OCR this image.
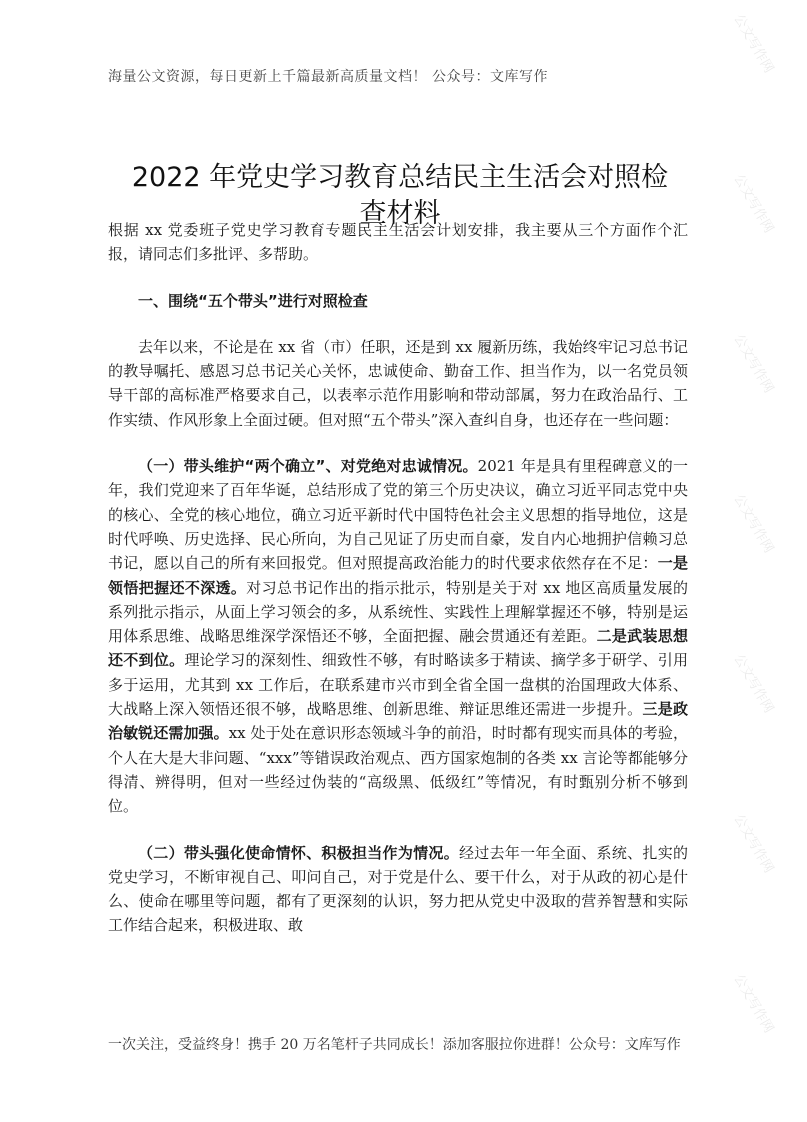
公文写作网
公文写作网
公文写作网
公文写作网
公文写作网
公文写作网
公文写作网
海量公文资源，每日更新上千篇最新高质量文档！ 公众号：文库写作
2022 年党史学习教育总结民主生活会对照检
查材料

根据 xx 党委班子党史学习教育专题民主生活会计划安排，我主要从三个方面作个汇报，请同志们多批评、多帮助。

一、围绕“五个带头”进行对照检查

去年以来，不论是在 xx 省（市）任职，还是到 xx 履新历练，我始终牢记习总书记的教导嘱托、感恩习总书记关心关怀，忠诚使命、勤奋工作、担当作为，以一名党员领导干部的高标准严格要求自己，以表率示范作用影响和带动部属，努力在政治品行、工作实绩、作风形象上全面过硬。但对照“五个带头”深入查纠自身，也还存在一些问题：

（一）带头维护“两个确立”、对党绝对忠诚情况。2021 年是具有里程碑意义的一年，我们党迎来了百年华诞，总结形成了党的第三个历史决议，确立习近平同志党中央的核心、全党的核心地位，确立习近平新时代中国特色社会主义思想的指导地位，这是时代呼唤、历史选择、民心所向，为自己见证了历史而自豪，发自内心地拥护信赖习总书记，愿以自己的所有来回报党。但对照提高政治能力的时代要求依然存在不足：一是领悟把握还不深透。对习总书记作出的指示批示，特别是关于对 xx 地区高质量发展的系列批示指示，从面上学习领会的多，从系统性、实践性上理解掌握还不够，特别是运用体系思维、战略思维深学深悟还不够，全面把握、融会贯通还有差距。二是武装思想还不到位。理论学习的深刻性、细致性不够，有时略读多于精读、摘学多于研学、引用多于运用，尤其到 xx 工作后，在联系建市兴市到全省全国一盘棋的治国理政大体系、大战略上深入领悟还很不够，战略思维、创新思维、辩证思维还需进一步提升。三是政治敏锐还需加强。xx 处于处在意识形态领域斗争的前沿，时时都有现实而具体的考验，个人在大是大非问题、“xxx”等错误政治观点、西方国家炮制的各类 xx 言论等都能够分得清、辨得明，但对一些经过伪装的“高级黑、低级红”等情况，有时甄别分析不够到位。

（二）带头强化使命情怀、积极担当作为情况。经过去年一年全面、系统、扎实的党史学习，不断审视自己、叩问自己，对于党是什么、要干什么，对于从政的初心是什么、使命在哪里等问题，都有了更深刻的认识，努力把从党史中汲取的营养智慧和实际工作结合起来，积极进取、敢

一次关注，受益终身！携手 20 万名笔杆子共同成长！添加客服拉你进群！公众号：文库写作
